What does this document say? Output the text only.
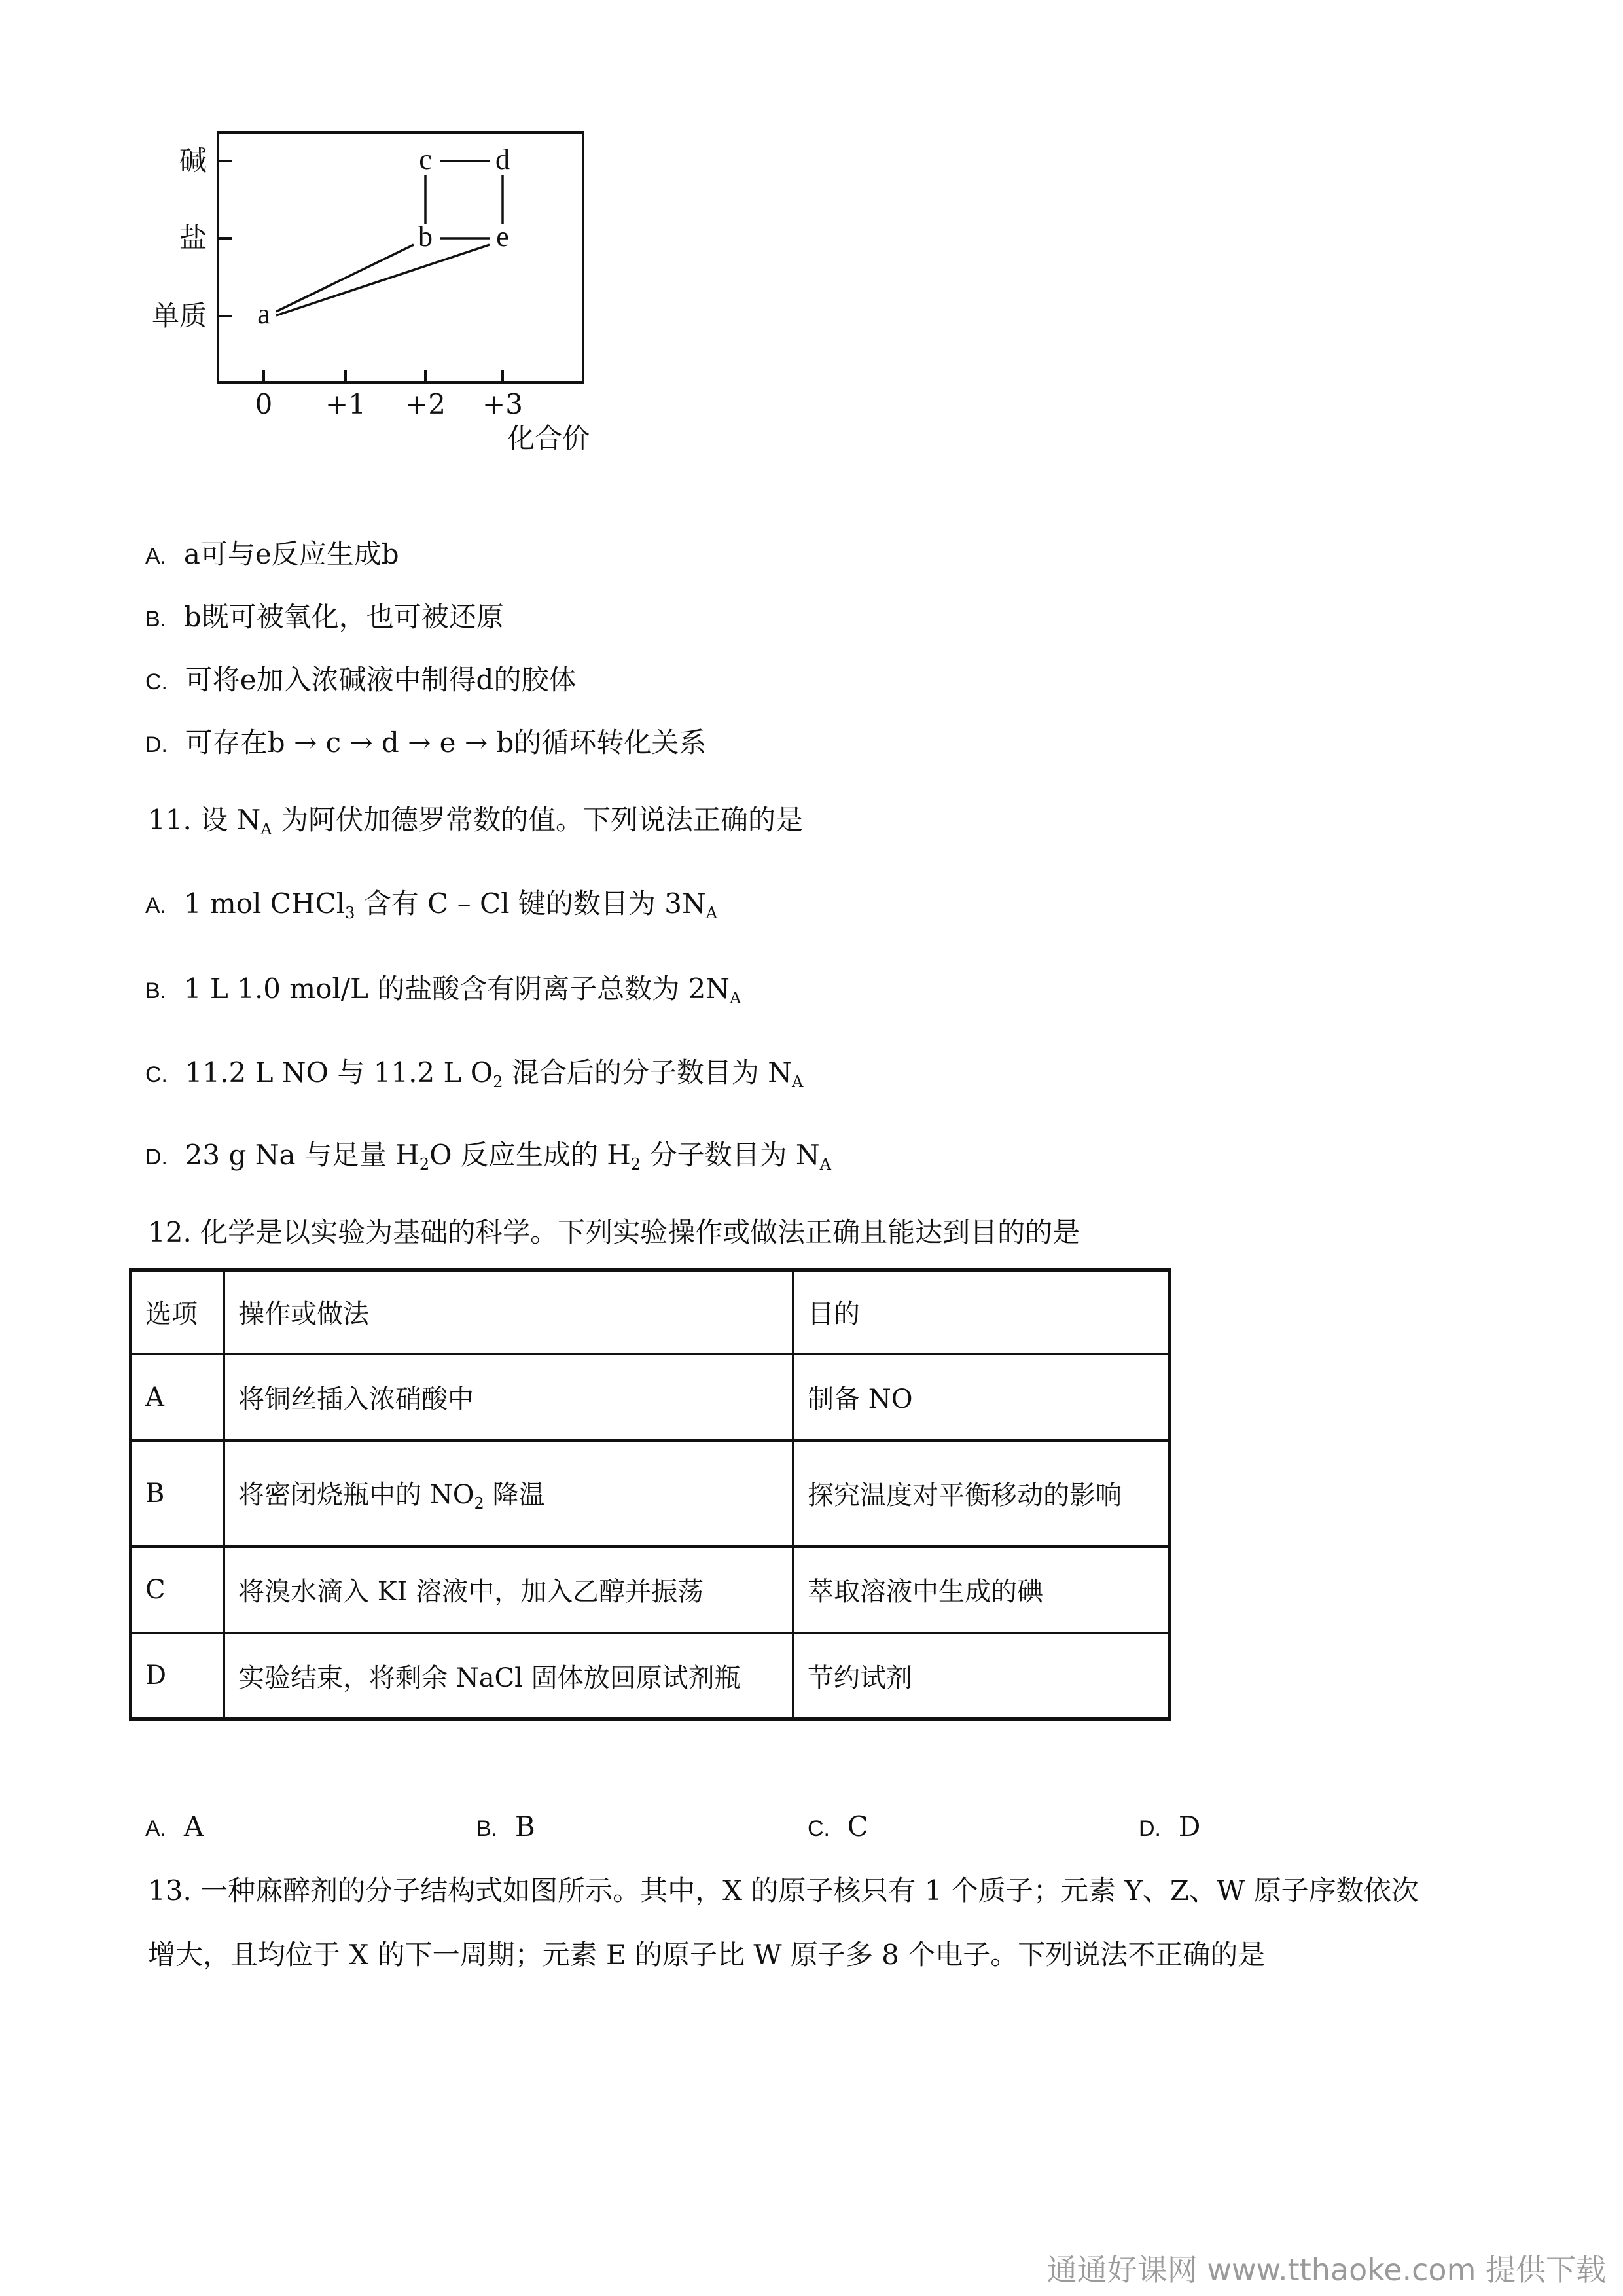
碱
盐
单质
0 +1 +2 +3
化合价
c d
b e
a
A. a可与e反应生成b
B. b既可被氧化，也可被还原
C. 可将e加入浓碱液中制得d的胶体
D. 可存在b → c → d → e → b的循环转化关系
11. 设 $N_A$ 为阿伏加德罗常数的值。下列说法正确的是
A. 1 mol CHCl$_3$ 含有 C – Cl 键的数目为 $3N_A$
B. 1 L 1.0 mol/L 的盐酸含有阴离子总数为 $2N_A$
C. 11.2 L NO 与 11.2 L $O_2$ 混合后的分子数目为 $N_A$
D. 23 g Na 与足量 $H_2O$ 反应生成的 $H_2$ 分子数目为 $N_A$
12. 化学是以实验为基础的科学。下列实验操作或做法正确且能达到目的的是
选项	操作或做法	目的
A	将铜丝插入浓硝酸中	制备 NO
B	将密闭烧瓶中的 $NO_2$ 降温	探究温度对平衡移动的影响
C	将溴水滴入 KI 溶液中，加入乙醇并振荡	萃取溶液中生成的碘
D	实验结束，将剩余 NaCl 固体放回原试剂瓶	节约试剂
A. A	B. B	C. C	D. D
13. 一种麻醉剂的分子结构式如图所示。其中，X 的原子核只有 1 个质子；元素 Y、Z、W 原子序数依次
增大，且均位于 X 的下一周期；元素 E 的原子比 W 原子多 8 个电子。下列说法不正确的是
通通好课网 www.tthaoke.com 提供下载
